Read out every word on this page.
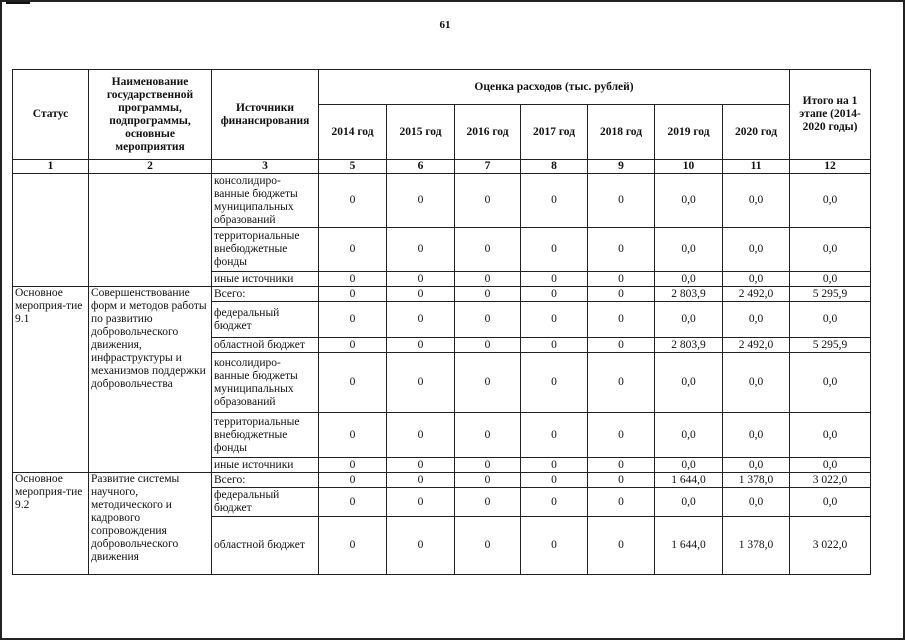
61
Статус	Наименование государственной программы, подпрограммы, основные мероприятия	Источники финансирования	Оценка расходов (тыс. рублей)							Итого на 1 этапе (2014-2020 годы)
			2014 год	2015 год	2016 год	2017 год	2018 год	2019 год	2020 год	
1	2	3	5	6	7	8	9	10	11	12
		консолидиро-ванные бюджеты муниципальных образований	0	0	0	0	0	0,0	0,0	0,0
		территориальные внебюджетные фонды	0	0	0	0	0	0,0	0,0	0,0
		иные источники	0	0	0	0	0	0,0	0,0	0,0
Основное мероприя-тие 9.1	Совершенствование форм и методов работы по развитию добровольческого движения, инфраструктуры и механизмов поддержки добровольчества	Всего:	0	0	0	0	0	2 803,9	2 492,0	5 295,9
		федеральный бюджет	0	0	0	0	0	0,0	0,0	0,0
		областной бюджет	0	0	0	0	0	2 803,9	2 492,0	5 295,9
		консолидиро-ванные бюджеты муниципальных образований	0	0	0	0	0	0,0	0,0	0,0
		территориальные внебюджетные фонды	0	0	0	0	0	0,0	0,0	0,0
		иные источники	0	0	0	0	0	0,0	0,0	0,0
Основное мероприя-тие 9.2	Развитие системы научного, методического и кадрового сопровождения добровольческого движения	Всего:	0	0	0	0	0	1 644,0	1 378,0	3 022,0
		федеральный бюджет	0	0	0	0	0	0,0	0,0	0,0
		областной бюджет	0	0	0	0	0	1 644,0	1 378,0	3 022,0
